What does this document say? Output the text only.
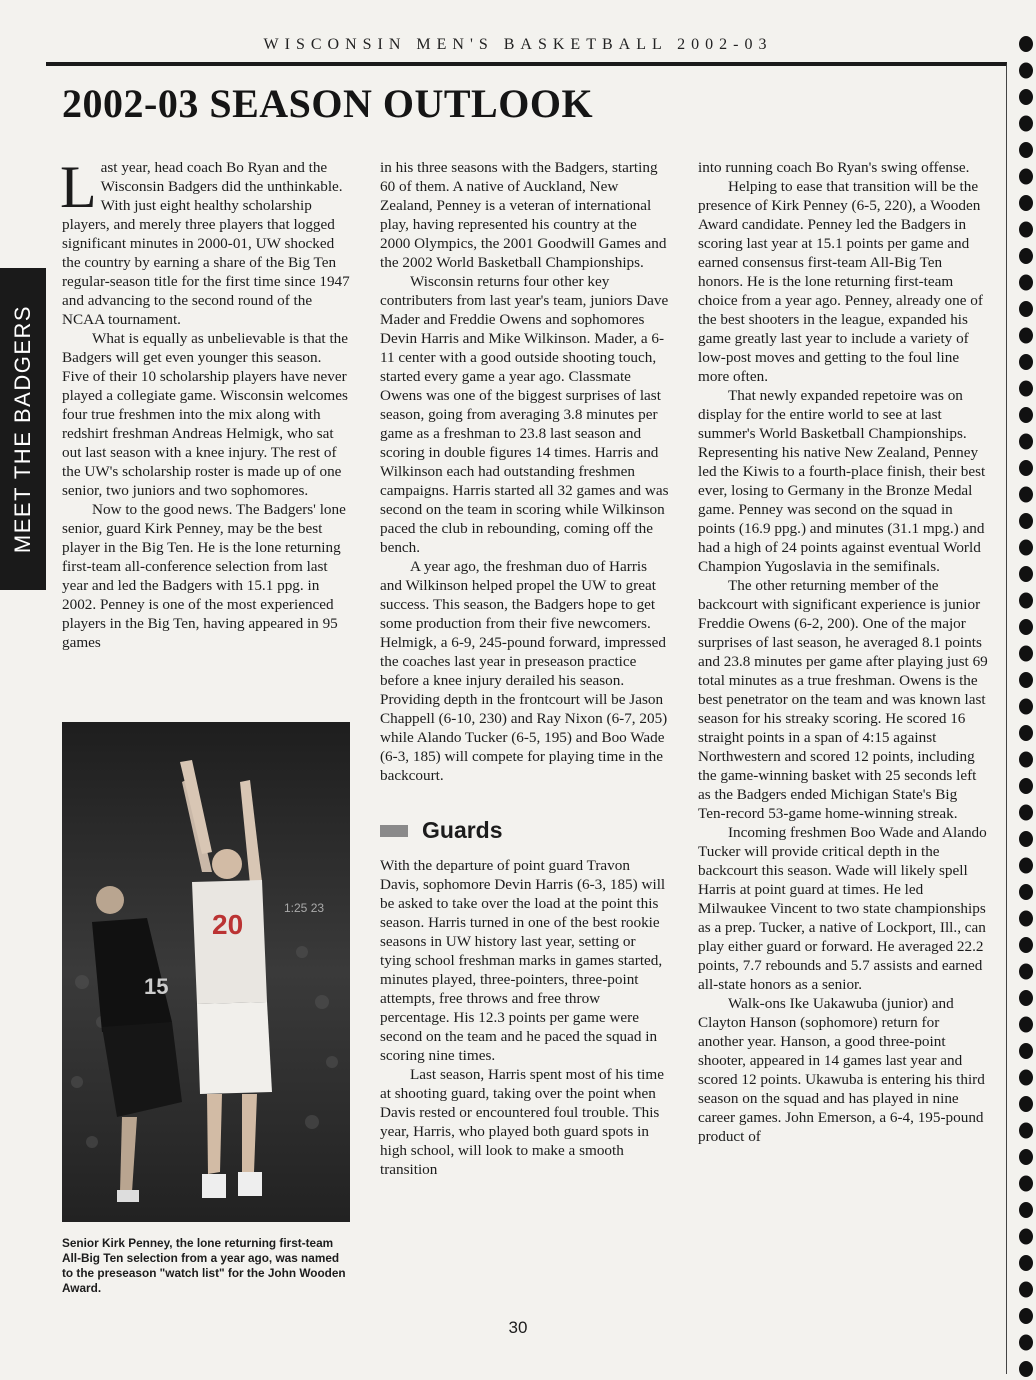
WISCONSIN MEN'S BASKETBALL 2002-03
2002-03 SEASON OUTLOOK
MEET THE BADGERS

Last year, head coach Bo Ryan and the Wisconsin Badgers did the unthinkable. With just eight healthy scholarship players, and merely three players that logged significant minutes in 2000-01, UW shocked the country by earning a share of the Big Ten regular-season title for the first time since 1947 and advancing to the second round of the NCAA tournament.

What is equally as unbelievable is that the Badgers will get even younger this season. Five of their 10 scholarship players have never played a collegiate game. Wisconsin welcomes four true freshmen into the mix along with redshirt freshman Andreas Helmigk, who sat out last season with a knee injury. The rest of the UW's scholarship roster is made up of one senior, two juniors and two sophomores.

Now to the good news. The Badgers' lone senior, guard Kirk Penney, may be the best player in the Big Ten. He is the lone returning first-team all-conference selection from last year and led the Badgers with 15.1 ppg. in 2002. Penney is one of the most experienced players in the Big Ten, having appeared in 95 games

1:25 23
20
15
Senior Kirk Penney, the lone returning first-team All-Big Ten selection from a year ago, was named to the preseason "watch list" for the John Wooden Award.

in his three seasons with the Badgers, starting 60 of them. A native of Auckland, New Zealand, Penney is a veteran of international play, having represented his country at the 2000 Olympics, the 2001 Goodwill Games and the 2002 World Basketball Championships.

Wisconsin returns four other key contributers from last year's team, juniors Dave Mader and Freddie Owens and sophomores Devin Harris and Mike Wilkinson. Mader, a 6-11 center with a good outside shooting touch, started every game a year ago. Classmate Owens was one of the biggest surprises of last season, going from averaging 3.8 minutes per game as a freshman to 23.8 last season and scoring in double figures 14 times. Harris and Wilkinson each had outstanding freshmen campaigns. Harris started all 32 games and was second on the team in scoring while Wilkinson paced the club in rebounding, coming off the bench.

A year ago, the freshman duo of Harris and Wilkinson helped propel the UW to great success. This season, the Badgers hope to get some production from their five newcomers. Helmigk, a 6-9, 245-pound forward, impressed the coaches last year in preseason practice before a knee injury derailed his season. Providing depth in the frontcourt will be Jason Chappell (6-10, 230) and Ray Nixon (6-7, 205) while Alando Tucker (6-5, 195) and Boo Wade (6-3, 185) will compete for playing time in the backcourt.

Guards

With the departure of point guard Travon Davis, sophomore Devin Harris (6-3, 185) will be asked to take over the load at the point this season. Harris turned in one of the best rookie seasons in UW history last year, setting or tying school freshman marks in games started, minutes played, three-pointers, three-point attempts, free throws and free throw percentage. His 12.3 points per game were second on the team and he paced the squad in scoring nine times.

Last season, Harris spent most of his time at shooting guard, taking over the point when Davis rested or encountered foul trouble. This year, Harris, who played both guard spots in high school, will look to make a smooth transition

into running coach Bo Ryan's swing offense.

Helping to ease that transition will be the presence of Kirk Penney (6-5, 220), a Wooden Award candidate. Penney led the Badgers in scoring last year at 15.1 points per game and earned consensus first-team All-Big Ten honors. He is the lone returning first-team choice from a year ago. Penney, already one of the best shooters in the league, expanded his game greatly last year to include a variety of low-post moves and getting to the foul line more often.

That newly expanded repetoire was on display for the entire world to see at last summer's World Basketball Championships. Representing his native New Zealand, Penney led the Kiwis to a fourth-place finish, their best ever, losing to Germany in the Bronze Medal game. Penney was second on the squad in points (16.9 ppg.) and minutes (31.1 mpg.) and had a high of 24 points against eventual World Champion Yugoslavia in the semifinals.

The other returning member of the backcourt with significant experience is junior Freddie Owens (6-2, 200). One of the major surprises of last season, he averaged 8.1 points and 23.8 minutes per game after playing just 69 total minutes as a true freshman. Owens is the best penetrator on the team and was known last season for his streaky scoring. He scored 16 straight points in a span of 4:15 against Northwestern and scored 12 points, including the game-winning basket with 25 seconds left as the Badgers ended Michigan State's Big Ten-record 53-game home-winning streak.

Incoming freshmen Boo Wade and Alando Tucker will provide critical depth in the backcourt this season. Wade will likely spell Harris at point guard at times. He led Milwaukee Vincent to two state championships as a prep. Tucker, a native of Lockport, Ill., can play either guard or forward. He averaged 22.2 points, 7.7 rebounds and 5.7 assists and earned all-state honors as a senior.

Walk-ons Ike Uakawuba (junior) and Clayton Hanson (sophomore) return for another year. Hanson, a good three-point shooter, appeared in 14 games last year and scored 12 points. Ukawuba is entering his third season on the squad and has played in nine career games. John Emerson, a 6-4, 195-pound product of

30
